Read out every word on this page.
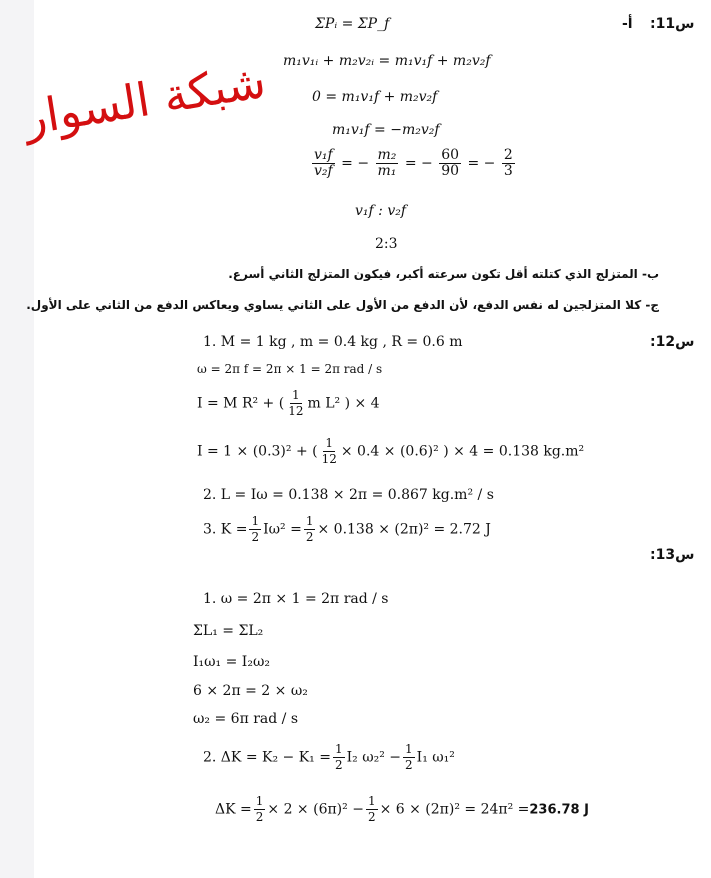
شبكة السوار
س11:
أ-
ΣPᵢ = ΣP_f
m₁v₁ᵢ + m₂v₂ᵢ = m₁v₁f + m₂v₂f
0 = m₁v₁f + m₂v₂f
m₁v₁f = −m₂v₂f
$\frac{\text{v₁f}}{\text{v₂f}}$ = − $\frac{\text{m₂}}{\text{m₁}}$ = − $\frac{60}{90}$ = − $\frac{2}{3}$
v₁f : v₂f
2:3
ب- المتزلج الذي كتلته أقل تكون سرعته أكبر، فيكون المتزلج الثاني أسرع.
ج- كلا المتزلجين له نفس الدفع، لأن الدفع من الأول على الثاني يساوي ويعاكس الدفع من الثاني على الأول.
س12:
1. M = 1 kg , m = 0.4 kg , R = 0.6 m
ω = 2π f = 2π × 1 = 2π rad / s
I = M R² + ( $\frac{1}{12}$ m L² ) × 4
I = 1 × (0.3)² + ( $\frac{1}{12} \times 0.4 \times (0.6)^2$ ) × 4 = 0.138 kg.m²
2. L = Iω = 0.138 × 2π = 0.867 kg.m² / s
3. $K = \frac{1}{2} I\omega^2 = \frac{1}{2} \times 0.138 \times (2\pi)^2 = 2.72$ J
س13:
1. ω = 2π × 1 = 2π rad / s
ΣL₁ = ΣL₂
I₁ω₁ = I₂ω₂
6 × 2π = 2 × ω₂
ω₂ = 6π rad / s
2. $\Delta K = K_2 - K_1 = \frac{1}{2} I_2$ $\omega_2^2 - \frac{1}{2} I_1$ ω₁²
$\Delta K = \frac{1}{2} \times 2 \times (6\pi)^2 - \frac{1}{2} \times 6 \times (2\pi)^2 = 24\pi^2 =236.78$ J
